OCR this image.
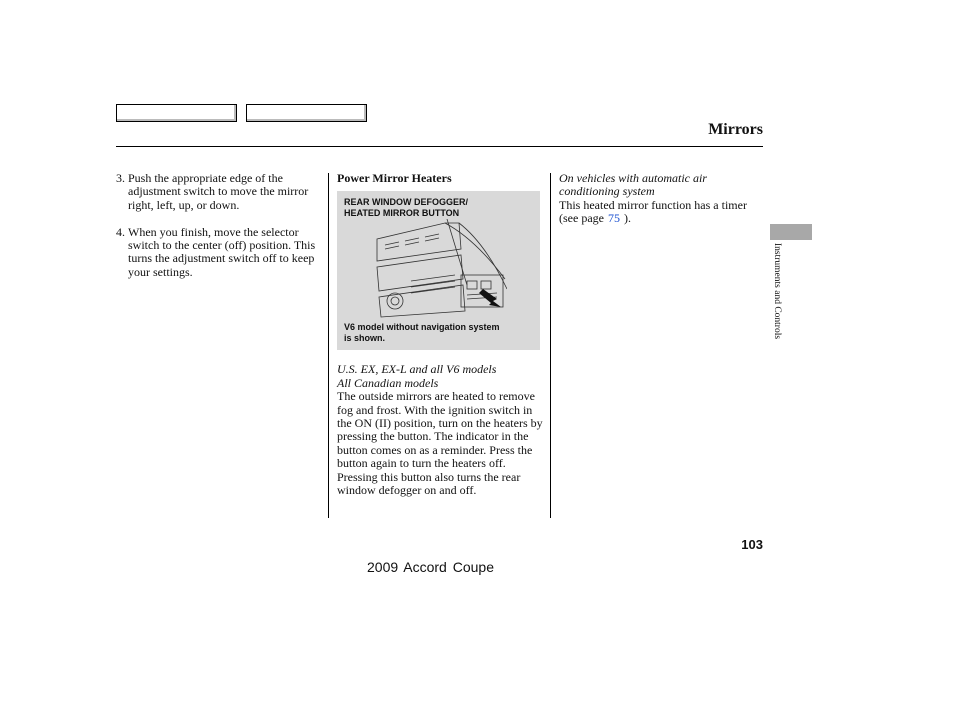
Mirrors
3. Push the appropriate edge of the adjustment switch to move the mirror right, left, up, or down.
4. When you finish, move the selector switch to the center (off) position. This turns the adjustment switch off to keep your settings.
Power Mirror Heaters
REAR WINDOW DEFOGGER/
HEATED MIRROR BUTTON
V6 model without navigation system
is shown.
U.S. EX, EX-L and all V6 models
All Canadian models
The outside mirrors are heated to remove fog and frost. With the ignition switch in the ON (II) position, turn on the heaters by pressing the button. The indicator in the button comes on as a reminder. Press the button again to turn the heaters off. Pressing this button also turns the rear window defogger on and off.
On vehicles with automatic air
conditioning system
This heated mirror function has a timer (see page 75 ).
Instruments and Controls
103
2009 Accord Coupe
